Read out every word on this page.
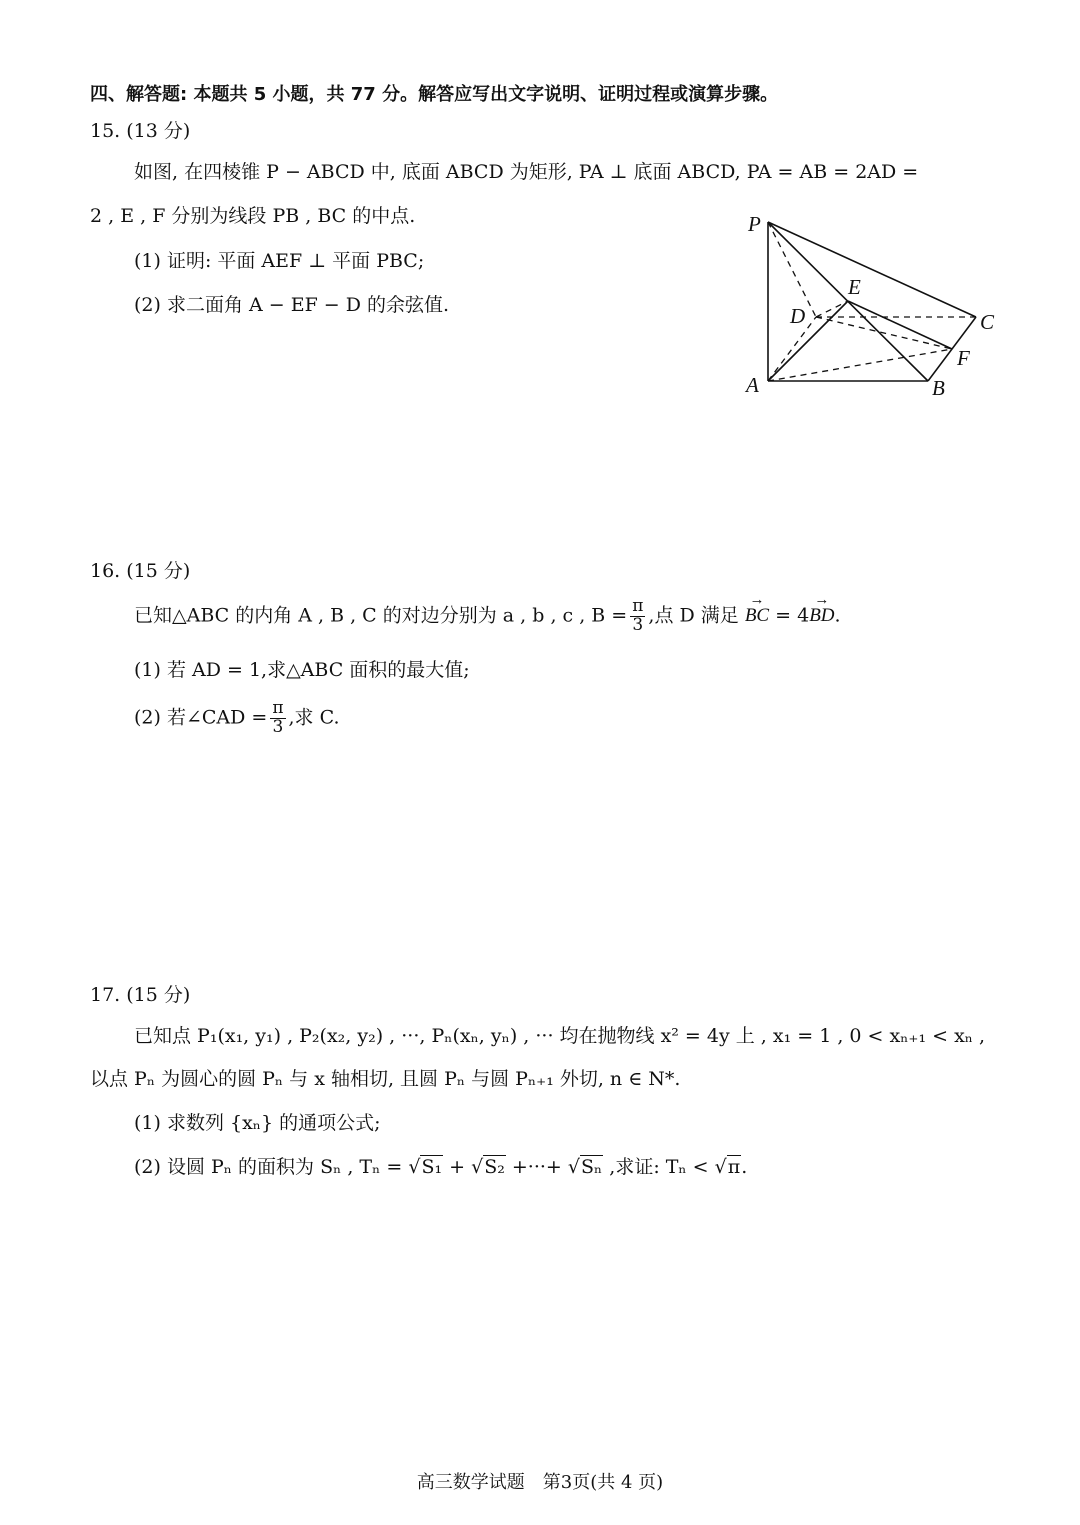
四、解答题: 本题共 5 小题，共 77 分。解答应写出文字说明、证明过程或演算步骤。
15. (13 分)
如图, 在四棱锥 P − ABCD 中, 底面 ABCD 为矩形, PA ⊥ 底面 ABCD, PA = AB = 2AD =
2 , E , F 分别为线段 PB , BC 的中点.
(1) 证明: 平面 AEF ⊥ 平面 PBC;
(2) 求二面角 A − EF − D 的余弦值.
P
E
D	C
F
A	B
16. (15 分)
已知△ABC 的内角 A , B , C 的对边分别为 a , b , c , $B = \frac{\pi}{3}$ ,点 D 满足 → BC = 4→ BD.
(1) 若 AD = 1,求△ABC 面积的最大值;
(2) 若∠CAD = $\frac{\pi}{3}$ ,求 C.
17. (15 分)
已知点 P₁(x₁, y₁) , P₂(x₂, y₂) , ···, Pₙ(xₙ, yₙ) , ··· 均在抛物线 x² = 4y 上 , x₁ = 1 , 0 < xₙ₊₁ < xₙ ,
以点 Pₙ 为圆心的圆 Pₙ 与 x 轴相切, 且圆 Pₙ 与圆 Pₙ₊₁ 外切, n ∈ N*.
(1) 求数列 {xₙ} 的通项公式;
(2) 设圆 Pₙ 的面积为 Sₙ , Tₙ = √S₁ + √S₂ +···+ √Sₙ ,求证: Tₙ < √π.
高三数学试题　第3页(共 4 页)
